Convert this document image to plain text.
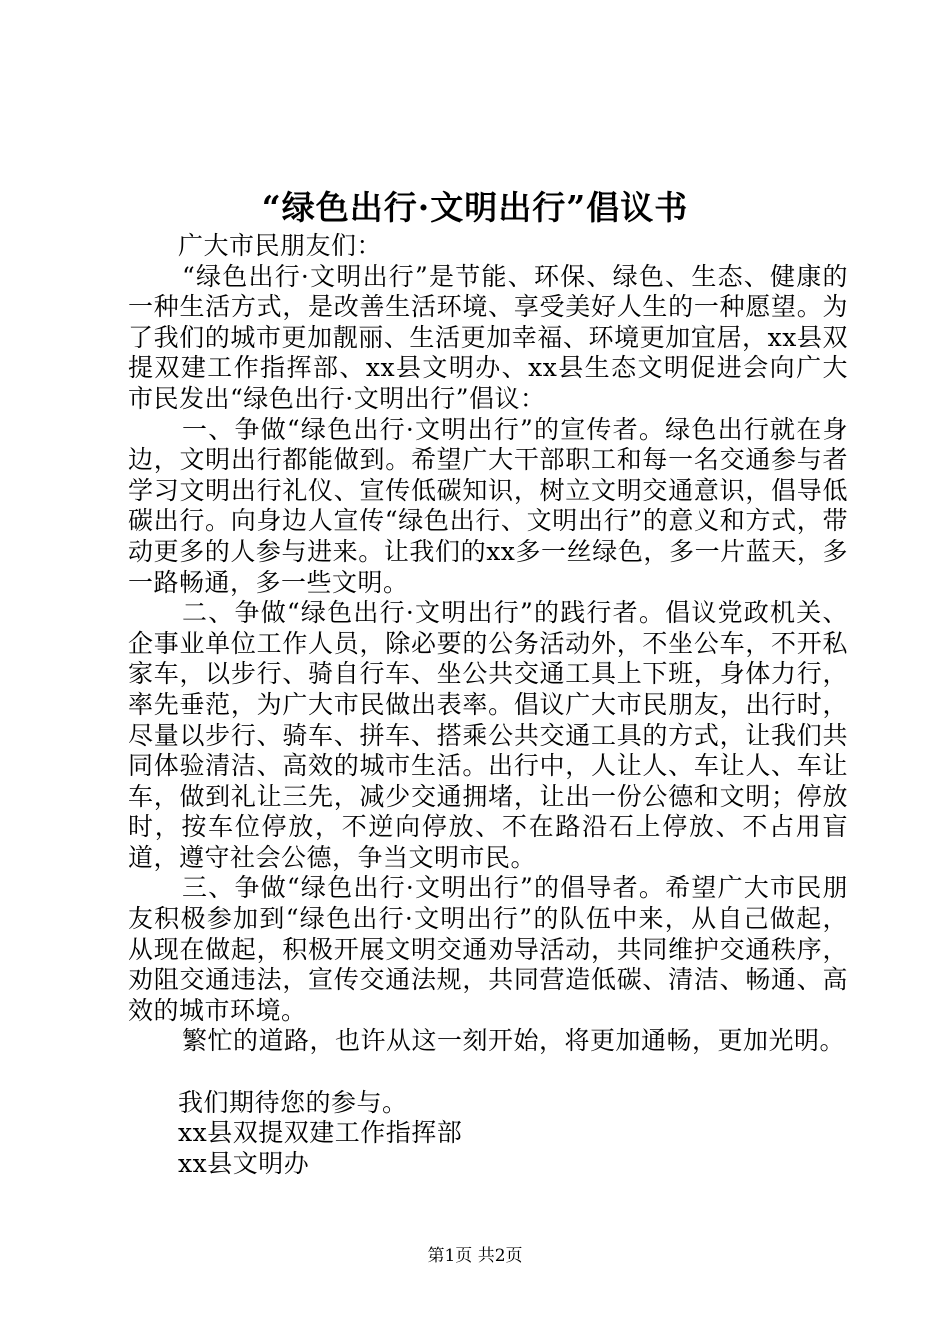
“绿色出行·文明出行”倡议书

广大市民朋友们：

“绿色出行·文明出行”是节能、环保、绿色、生态、健康的一种生活方式，是改善生活环境、享受美好人生的一种愿望。为了我们的城市更加靓丽、生活更加幸福、环境更加宜居，xx县双提双建工作指挥部、xx县文明办、xx县生态文明促进会向广大市民发出“绿色出行·文明出行”倡议：

一、争做“绿色出行·文明出行”的宣传者。绿色出行就在身边，文明出行都能做到。希望广大干部职工和每一名交通参与者学习文明出行礼仪、宣传低碳知识，树立文明交通意识，倡导低碳出行。向身边人宣传“绿色出行、文明出行”的意义和方式，带动更多的人参与进来。让我们的xx多一丝绿色，多一片蓝天，多一路畅通，多一些文明。

二、争做“绿色出行·文明出行”的践行者。倡议党政机关、企事业单位工作人员，除必要的公务活动外，不坐公车，不开私家车，以步行、骑自行车、坐公共交通工具上下班，身体力行，率先垂范，为广大市民做出表率。倡议广大市民朋友，出行时，尽量以步行、骑车、拼车、搭乘公共交通工具的方式，让我们共同体验清洁、高效的城市生活。出行中，人让人、车让人、车让车，做到礼让三先，减少交通拥堵，让出一份公德和文明；停放时，按车位停放，不逆向停放、不在路沿石上停放、不占用盲道，遵守社会公德，争当文明市民。

三、争做“绿色出行·文明出行”的倡导者。希望广大市民朋友积极参加到“绿色出行·文明出行”的队伍中来，从自己做起，从现在做起，积极开展文明交通劝导活动，共同维护交通秩序，劝阻交通违法，宣传交通法规，共同营造低碳、清洁、畅通、高效的城市环境。

繁忙的道路，也许从这一刻开始，将更加通畅，更加光明。

我们期待您的参与。

xx县双提双建工作指挥部

xx县文明办

第1页 共2页
